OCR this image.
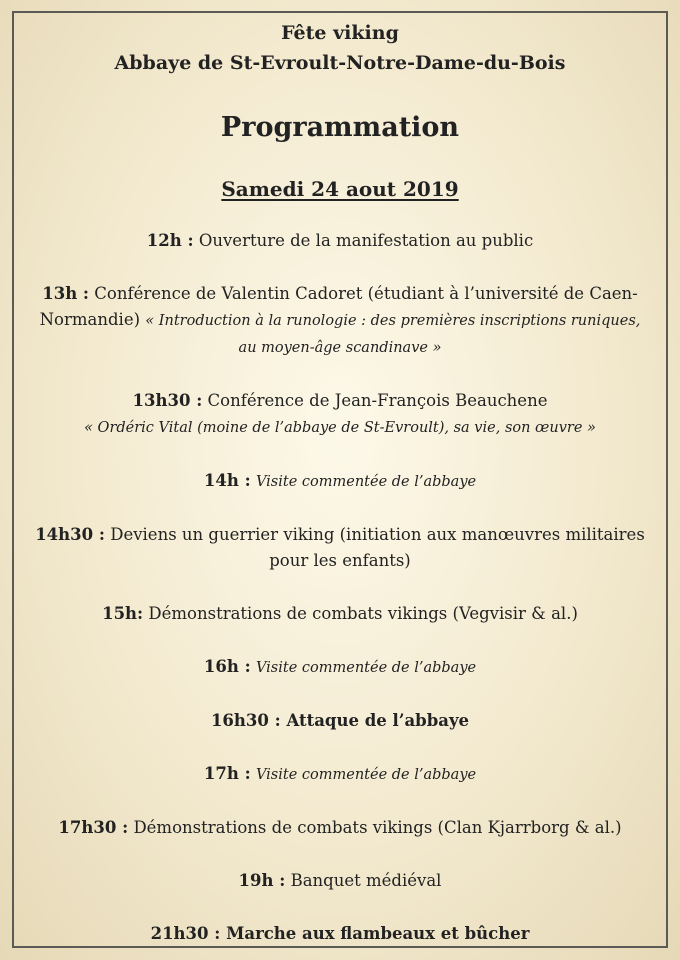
Fête viking
Abbaye de St-Evroult-Notre-Dame-du-Bois
Programmation
Samedi 24 aout 2019

12h : Ouverture de la manifestation au public

13h : Conférence de Valentin Cadoret (étudiant à l’université de Caen-Normandie) « Introduction à la runologie : des premières inscriptions runiques, au moyen-âge scandinave »

13h30 : Conférence de Jean-François Beauchene
« Ordéric Vital (moine de l’abbaye de St-Evroult), sa vie, son œuvre »

14h : Visite commentée de l’abbaye

14h30 : Deviens un guerrier viking (initiation aux manœuvres militaires pour les enfants)

15h: Démonstrations de combats vikings (Vegvisir & al.)

16h : Visite commentée de l’abbaye

16h30 : Attaque de l’abbaye

17h : Visite commentée de l’abbaye

17h30 : Démonstrations de combats vikings (Clan Kjarrborg & al.)

19h : Banquet médiéval

21h30 : Marche aux flambeaux et bûcher
